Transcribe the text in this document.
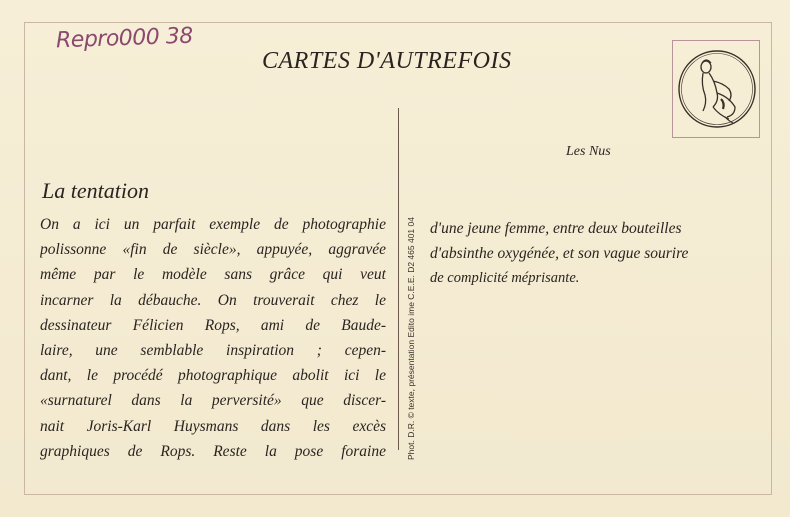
Repro000 38
CARTES D'AUTREFOIS
Les Nus
La tentation
On a ici un parfait exemple de photographie
polissonne «fin de siècle», appuyée, aggravée
même par le modèle sans grâce qui veut
incarner la débauche. On trouverait chez le
dessinateur Félicien Rops, ami de Baude-
laire, une semblable inspiration ; cepen-
dant, le procédé photographique abolit ici le
«surnaturel dans la perversité» que discer-
nait Joris-Karl Huysmans dans les excès
graphiques de Rops. Reste la pose foraine Phot. D.R. © texte, présentation Edito ime C.E.E. D2 465 401 04 d'une jeune femme, entre deux bouteilles
d'absinthe oxygénée, et son vague sourire
de complicité méprisante.
